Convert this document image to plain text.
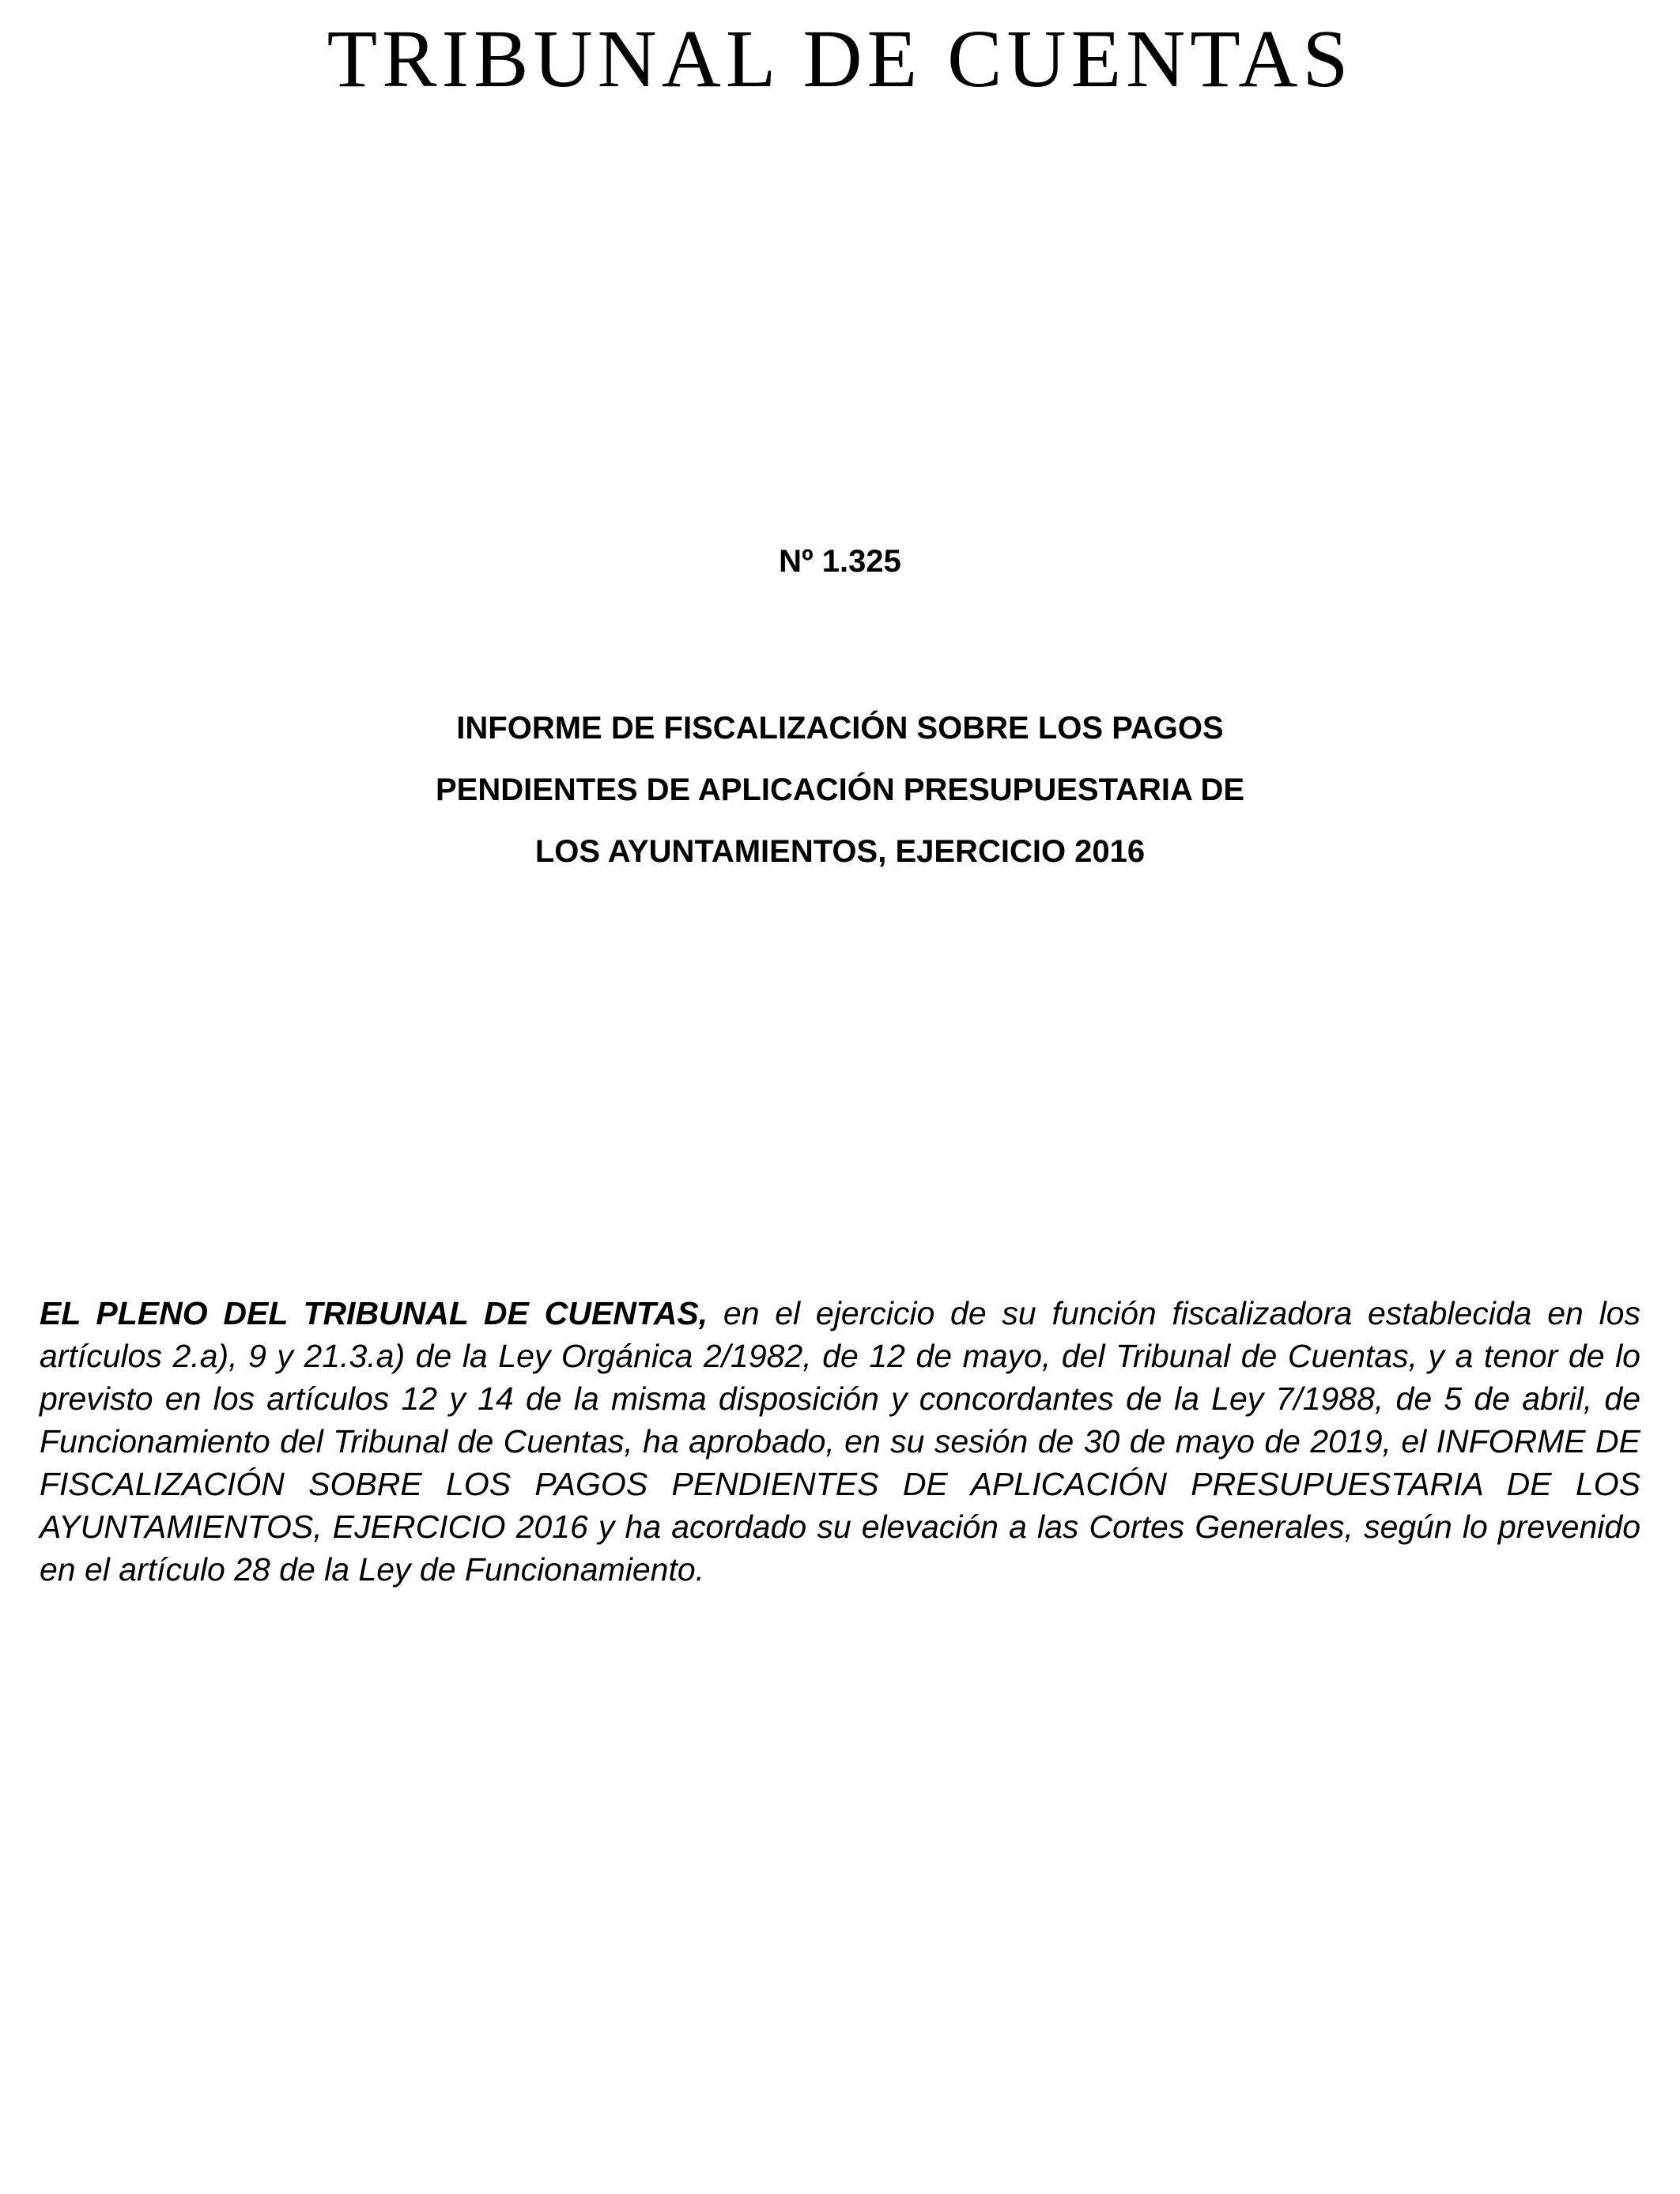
TRIBUNAL DE CUENTAS
Nº 1.325
INFORME DE FISCALIZACIÓN SOBRE LOS PAGOS
PENDIENTES DE APLICACIÓN PRESUPUESTARIA DE
LOS AYUNTAMIENTOS, EJERCICIO 2016

EL PLENO DEL TRIBUNAL DE CUENTAS, en el ejercicio de su función fiscalizadora establecida en los artículos 2.a), 9 y 21.3.a) de la Ley Orgánica 2/1982, de 12 de mayo, del Tribunal de Cuentas, y a tenor de lo previsto en los artículos 12 y 14 de la misma disposición y concordantes de la Ley 7/1988, de 5 de abril, de Funcionamiento del Tribunal de Cuentas, ha aprobado, en su sesión de 30 de mayo de 2019, el INFORME DE FISCALIZACIÓN SOBRE LOS PAGOS PENDIENTES DE APLICACIÓN PRESUPUESTARIA DE LOS AYUNTAMIENTOS, EJERCICIO 2016 y ha acordado su elevación a las Cortes Generales, según lo prevenido en el artículo 28 de la Ley de Funcionamiento.
